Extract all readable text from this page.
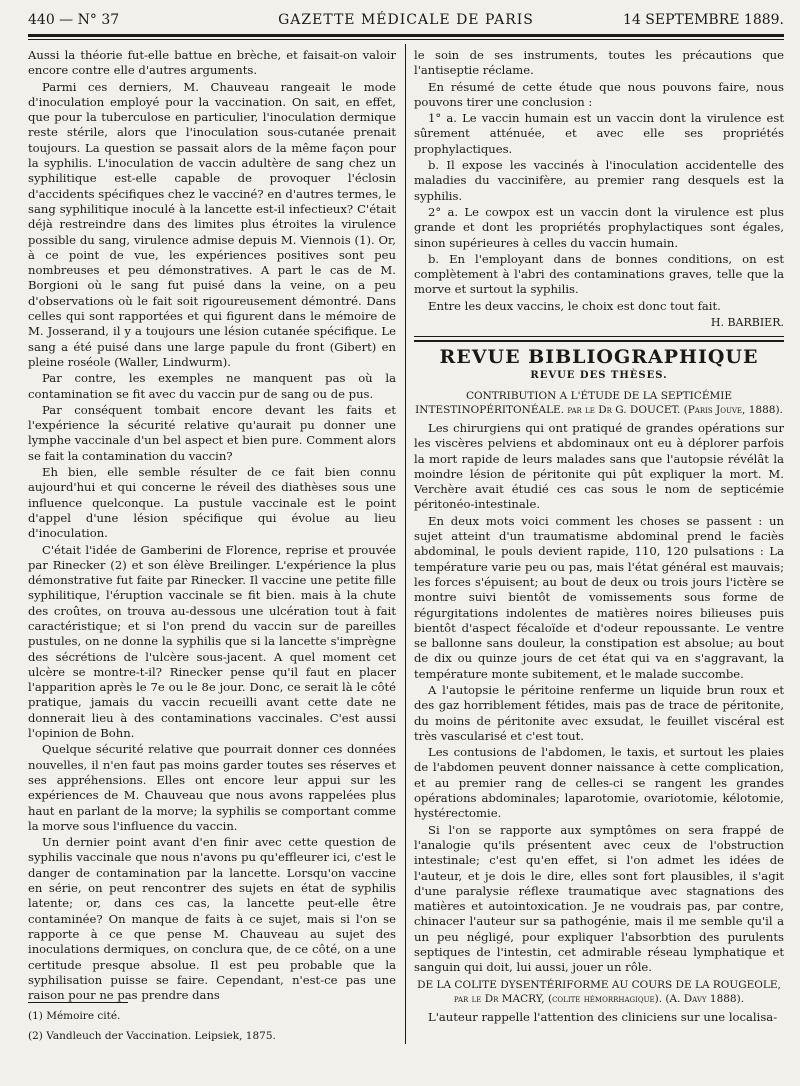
440 — N° 37	GAZETTE MÉDICALE DE PARIS	14 SEPTEMBRE 1889.

Aussi la théorie fut-elle battue en brèche, et faisait-on valoir encore contre elle d'autres arguments.

Parmi ces derniers, M. Chauveau rangeait le mode d'inoculation employé pour la vaccination. On sait, en effet, que pour la tuberculose en particulier, l'inoculation dermique reste stérile, alors que l'inoculation sous-cutanée prenait toujours. La question se passait alors de la même façon pour la syphilis. L'inoculation de vaccin adultère de sang chez un syphilitique est-elle capable de provoquer l'éclosin d'accidents spécifiques chez le vacciné? en d'autres termes, le sang syphilitique inoculé à la lancette est-il infectieux? C'était déjà restreindre dans des limites plus étroites la virulence possible du sang, virulence admise depuis M. Viennois (1). Or, à ce point de vue, les expériences positives sont peu nombreuses et peu démonstratives. A part le cas de M. Borgioni où le sang fut puisé dans la veine, on a peu d'observations où le fait soit rigoureusement démontré. Dans celles qui sont rapportées et qui figurent dans le mémoire de M. Josserand, il y a toujours une lésion cutanée spécifique. Le sang a été puisé dans une large papule du front (Gibert) en pleine roséole (Waller, Lindwurm).

Par contre, les exemples ne manquent pas où la contamination se fit avec du vaccin pur de sang ou de pus.

Par conséquent tombait encore devant les faits et l'expérience la sécurité relative qu'aurait pu donner une lymphe vaccinale d'un bel aspect et bien pure. Comment alors se fait la contamination du vaccin?

Eh bien, elle semble résulter de ce fait bien connu aujourd'hui et qui concerne le réveil des diathèses sous une influence quelconque. La pustule vaccinale est le point d'appel d'une lésion spécifique qui évolue au lieu d'inoculation.

C'était l'idée de Gamberini de Florence, reprise et prouvée par Rinecker (2) et son élève Breilinger. L'expérience la plus démonstrative fut faite par Rinecker. Il vaccine une petite fille syphilitique, l'éruption vaccinale se fit bien. mais à la chute des croûtes, on trouva au-dessous une ulcération tout à fait caractéristique; et si l'on prend du vaccin sur de pareilles pustules, on ne donne la syphilis que si la lancette s'imprègne des sécrétions de l'ulcère sous-jacent. A quel moment cet ulcère se montre-t-il? Rinecker pense qu'il faut en placer l'apparition après le 7e ou le 8e jour. Donc, ce serait là le côté pratique, jamais du vaccin recueilli avant cette date ne donnerait lieu à des contaminations vaccinales. C'est aussi l'opinion de Bohn.

Quelque sécurité relative que pourrait donner ces données nouvelles, il n'en faut pas moins garder toutes ses réserves et ses appréhensions. Elles ont encore leur appui sur les expériences de M. Chauveau que nous avons rappelées plus haut en parlant de la morve; la syphilis se comportant comme la morve sous l'influence du vaccin.

Un dernier point avant d'en finir avec cette question de syphilis vaccinale que nous n'avons pu qu'effleurer ici, c'est le danger de contamination par la lancette. Lorsqu'on vaccine en série, on peut rencontrer des sujets en état de syphilis latente; or, dans ces cas, la lancette peut-elle être contaminée? On manque de faits à ce sujet, mais si l'on se rapporte à ce que pense M. Chauveau au sujet des inoculations dermiques, on conclura que, de ce côté, on a une certitude presque absolue. Il est peu probable que la syphilisation puisse se faire. Cependant, n'est-ce pas une raison pour ne pas prendre dans

le soin de ses instruments, toutes les précautions que l'antiseptie réclame.

En résumé de cette étude que nous pouvons faire, nous pouvons tirer une conclusion :

1° a. Le vaccin humain est un vaccin dont la virulence est sûrement atténuée, et avec elle ses propriétés prophylactiques.

b. Il expose les vaccinés à l'inoculation accidentelle des maladies du vaccinifère, au premier rang desquels est la syphilis.

2° a. Le cowpox est un vaccin dont la virulence est plus grande et dont les propriétés prophylactiques sont égales, sinon supérieures à celles du vaccin humain.

b. En l'employant dans de bonnes conditions, on est complètement à l'abri des contaminations graves, telle que la morve et surtout la syphilis.

Entre les deux vaccins, le choix est donc tout fait.

H. BARBIER.
REVUE BIBLIOGRAPHIQUE
REVUE DES THÈSES.
CONTRIBUTION A L'ÉTUDE DE LA SEPTICÉMIE INTESTINOPÉRITONÉALE. par le Dr G. DOUCET. (Paris Jouve, 1888).

Les chirurgiens qui ont pratiqué de grandes opérations sur les viscères pelviens et abdominaux ont eu à déplorer parfois la mort rapide de leurs malades sans que l'autopsie révélât la moindre lésion de péritonite qui pût expliquer la mort. M. Verchère avait étudié ces cas sous le nom de septicémie péritonéo-intestinale.

En deux mots voici comment les choses se passent : un sujet atteint d'un traumatisme abdominal prend le faciès abdominal, le pouls devient rapide, 110, 120 pulsations : La température varie peu ou pas, mais l'état général est mauvais; les forces s'épuisent; au bout de deux ou trois jours l'ictère se montre suivi bientôt de vomissements sous forme de régurgitations indolentes de matières noires bilieuses puis bientôt d'aspect fécaloïde et d'odeur repoussante. Le ventre se ballonne sans douleur, la constipation est absolue; au bout de dix ou quinze jours de cet état qui va en s'aggravant, la température monte subitement, et le malade succombe.

A l'autopsie le péritoine renferme un liquide brun roux et des gaz horriblement fétides, mais pas de trace de péritonite, du moins de péritonite avec exsudat, le feuillet viscéral est très vascularisé et c'est tout.

Les contusions de l'abdomen, le taxis, et surtout les plaies de l'abdomen peuvent donner naissance à cette complication, et au premier rang de celles-ci se rangent les grandes opérations abdominales; laparotomie, ovariotomie, kélotomie, hystérectomie.

Si l'on se rapporte aux symptômes on sera frappé de l'analogie qu'ils présentent avec ceux de l'obstruction intestinale; c'est qu'en effet, si l'on admet les idées de l'auteur, et je dois le dire, elles sont fort plausibles, il s'agit d'une paralysie réflexe traumatique avec stagnations des matières et autointoxication. Je ne voudrais pas, par contre, chinacer l'auteur sur sa pathogénie, mais il me semble qu'il a un peu négligé, pour expliquer l'absorbtion des purulents septiques de l'intestin, cet admirable réseau lymphatique et sanguin qui doit, lui aussi, jouer un rôle.

DE LA COLITE DYSENTÉRIFORME AU COURS DE LA ROUGEOLE, par le Dr MACRY, (colite hémorrhagique). (A. Davy 1888).

L'auteur rappelle l'attention des cliniciens sur une localisa-

(1) Mémoire cité.
(2) Vandleuch der Vaccination. Leipsiek, 1875.
